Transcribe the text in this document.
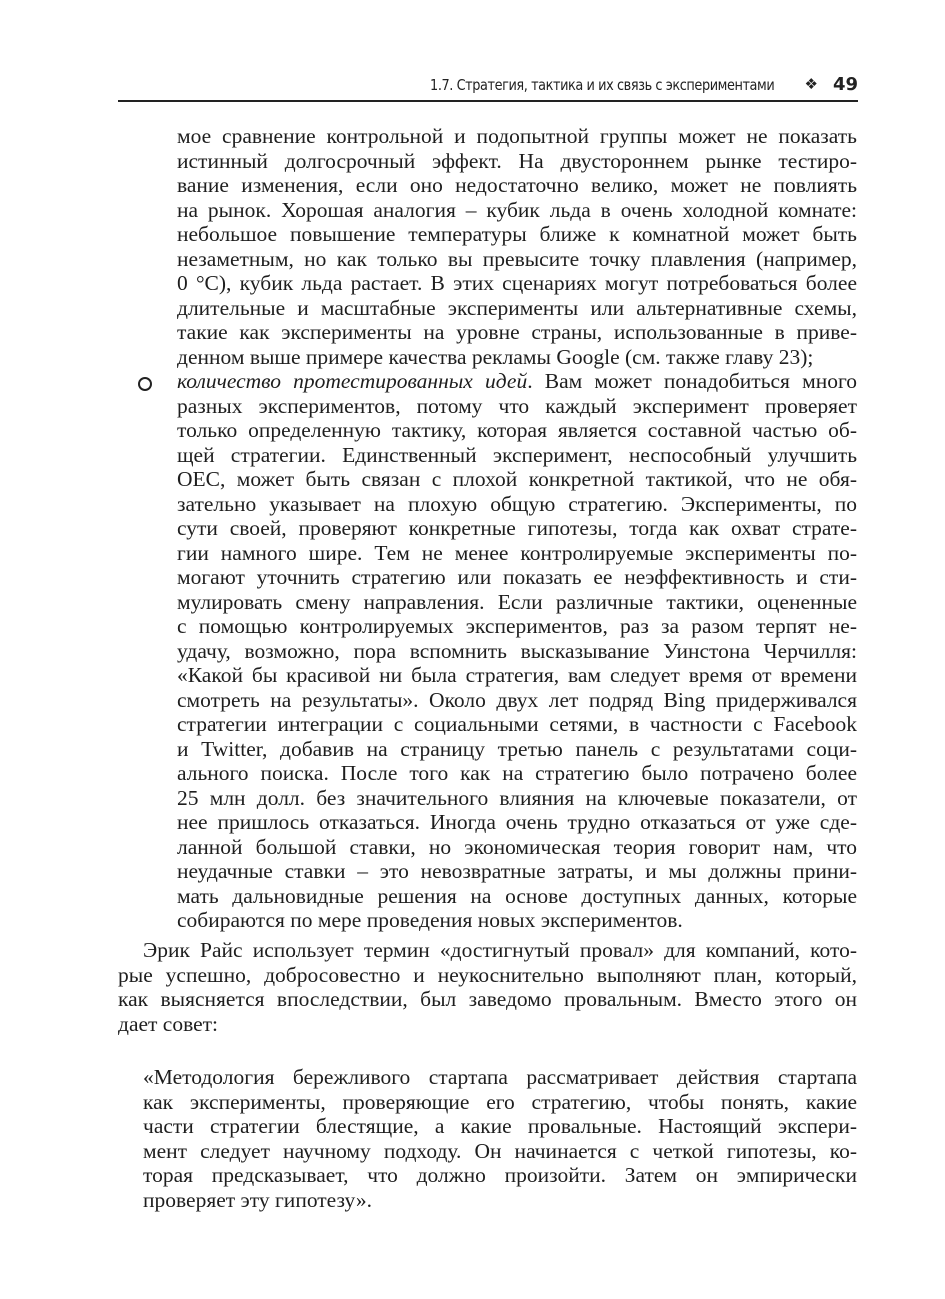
1.7. Стратегия, тактика и их связь с экспериментами ❖ 49
мое сравнение контрольной и подопытной группы может не показать
истинный долгосрочный эффект. На двустороннем рынке тестиро-
вание изменения, если оно недостаточно велико, может не повлиять
на рынок. Хорошая аналогия – кубик льда в очень холодной комнате:
небольшое повышение температуры ближе к комнатной может быть
незаметным, но как только вы превысите точку плавления (например,
0 °C), кубик льда растает. В этих сценариях могут потребоваться более
длительные и масштабные эксперименты или альтернативные схемы,
такие как эксперименты на уровне страны, использованные в приве-
денном выше примере качества рекламы Google (см. также главу 23);
количество протестированных идей. Вам может понадобиться много
разных экспериментов, потому что каждый эксперимент проверяет
только определенную тактику, которая является составной частью об-
щей стратегии. Единственный эксперимент, неспособный улучшить
OEC, может быть связан с плохой конкретной тактикой, что не обя-
зательно указывает на плохую общую стратегию. Эксперименты, по
сути своей, проверяют конкретные гипотезы, тогда как охват страте-
гии намного шире. Тем не менее контролируемые эксперименты по-
могают уточнить стратегию или показать ее неэффективность и сти-
мулировать смену направления. Если различные тактики, оцененные
с помощью контролируемых экспериментов, раз за разом терпят не-
удачу, возможно, пора вспомнить высказывание Уинстона Черчилля:
«Какой бы красивой ни была стратегия, вам следует время от времени
смотреть на результаты». Около двух лет подряд Bing придерживался
стратегии интеграции с социальными сетями, в частности с Facebook
и Twitter, добавив на страницу третью панель с результатами соци-
ального поиска. После того как на стратегию было потрачено более
25 млн долл. без значительного влияния на ключевые показатели, от
нее пришлось отказаться. Иногда очень трудно отказаться от уже сде-
ланной большой ставки, но экономическая теория говорит нам, что
неудачные ставки – это невозвратные затраты, и мы должны прини-
мать дальновидные решения на основе доступных данных, которые
собираются по мере проведения новых экспериментов.
Эрик Райс использует термин «достигнутый провал» для компаний, кото-
рые успешно, добросовестно и неукоснительно выполняют план, который,
как выясняется впоследствии, был заведомо провальным. Вместо этого он
дает совет:
«Методология бережливого стартапа рассматривает действия стартапа
как эксперименты, проверяющие его стратегию, чтобы понять, какие
части стратегии блестящие, а какие провальные. Настоящий экспери-
мент следует научному подходу. Он начинается с четкой гипотезы, ко-
торая предсказывает, что должно произойти. Затем он эмпирически
проверяет эту гипотезу».
